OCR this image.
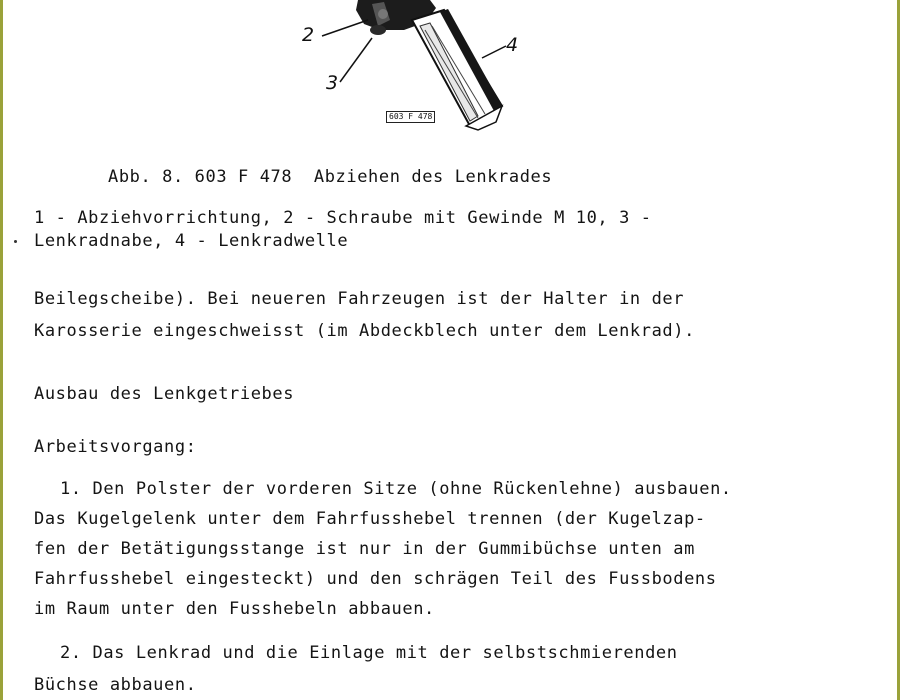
2
3
4
603 F 478
Abb. 8. 603 F 478  Abziehen des Lenkrades
1 - Abziehvorrichtung, 2 - Schraube mit Gewinde M 10, 3 -
Lenkradnabe, 4 - Lenkradwelle
Beilegscheibe). Bei neueren Fahrzeugen ist der Halter in der
Karosserie eingeschweisst (im Abdeckblech unter dem Lenkrad).
Ausbau des Lenkgetriebes
Arbeitsvorgang:
1. Den Polster der vorderen Sitze (ohne Rückenlehne) ausbauen.
Das Kugelgelenk unter dem Fahrfusshebel trennen (der Kugelzap-
fen der Betätigungsstange ist nur in der Gummibüchse unten am
Fahrfusshebel eingesteckt) und den schrägen Teil des Fussbodens
im Raum unter den Fusshebeln abbauen.
2. Das Lenkrad und die Einlage mit der selbstschmierenden
Büchse abbauen.
